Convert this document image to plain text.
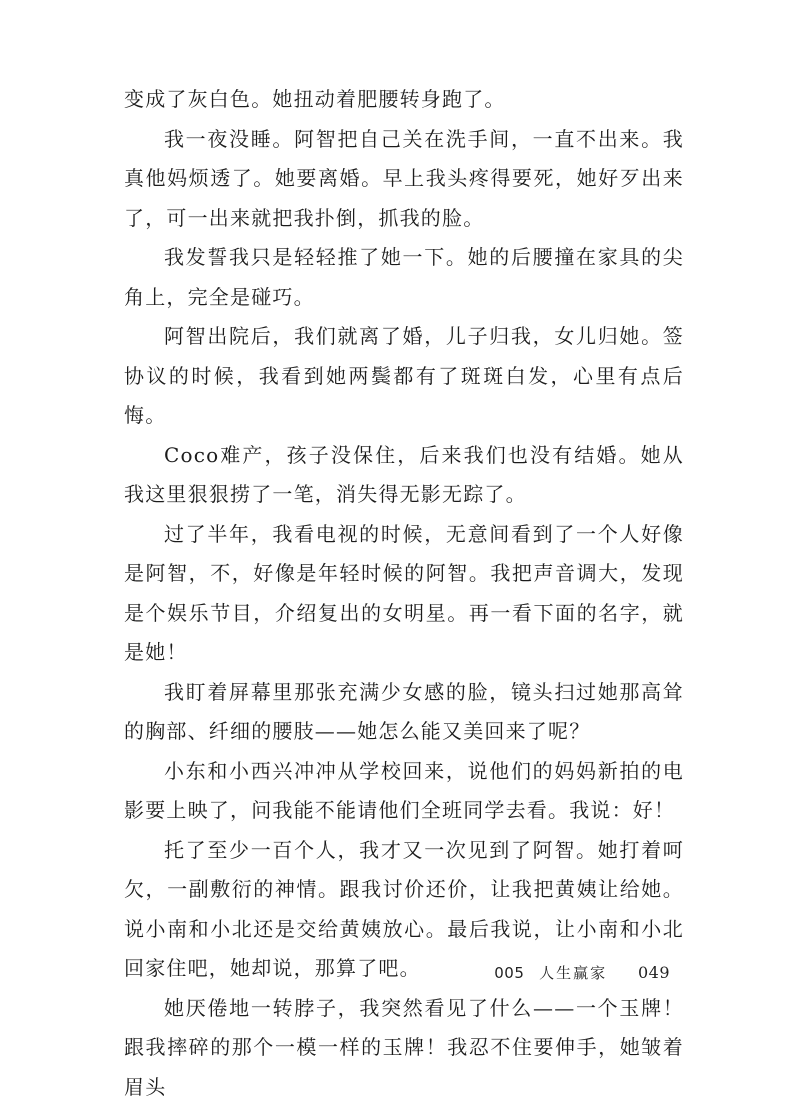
变成了灰白色。她扭动着肥腰转身跑了。

我一夜没睡。阿智把自己关在洗手间，一直不出来。我真他妈烦透了。她要离婚。早上我头疼得要死，她好歹出来了，可一出来就把我扑倒，抓我的脸。

我发誓我只是轻轻推了她一下。她的后腰撞在家具的尖角上，完全是碰巧。

阿智出院后，我们就离了婚，儿子归我，女儿归她。签协议的时候，我看到她两鬓都有了斑斑白发，心里有点后悔。

Coco难产，孩子没保住，后来我们也没有结婚。她从我这里狠狠捞了一笔，消失得无影无踪了。

过了半年，我看电视的时候，无意间看到了一个人好像是阿智，不，好像是年轻时候的阿智。我把声音调大，发现是个娱乐节目，介绍复出的女明星。再一看下面的名字，就是她！

我盯着屏幕里那张充满少女感的脸，镜头扫过她那高耸的胸部、纤细的腰肢——她怎么能又美回来了呢？

小东和小西兴冲冲从学校回来，说他们的妈妈新拍的电影要上映了，问我能不能请他们全班同学去看。我说：好！

托了至少一百个人，我才又一次见到了阿智。她打着呵欠，一副敷衍的神情。跟我讨价还价，让我把黄姨让给她。说小南和小北还是交给黄姨放心。最后我说，让小南和小北回家住吧，她却说，那算了吧。

她厌倦地一转脖子，我突然看见了什么——一个玉牌！跟我摔碎的那个一模一样的玉牌！我忍不住要伸手，她皱着眉头

005 人生赢家 049
